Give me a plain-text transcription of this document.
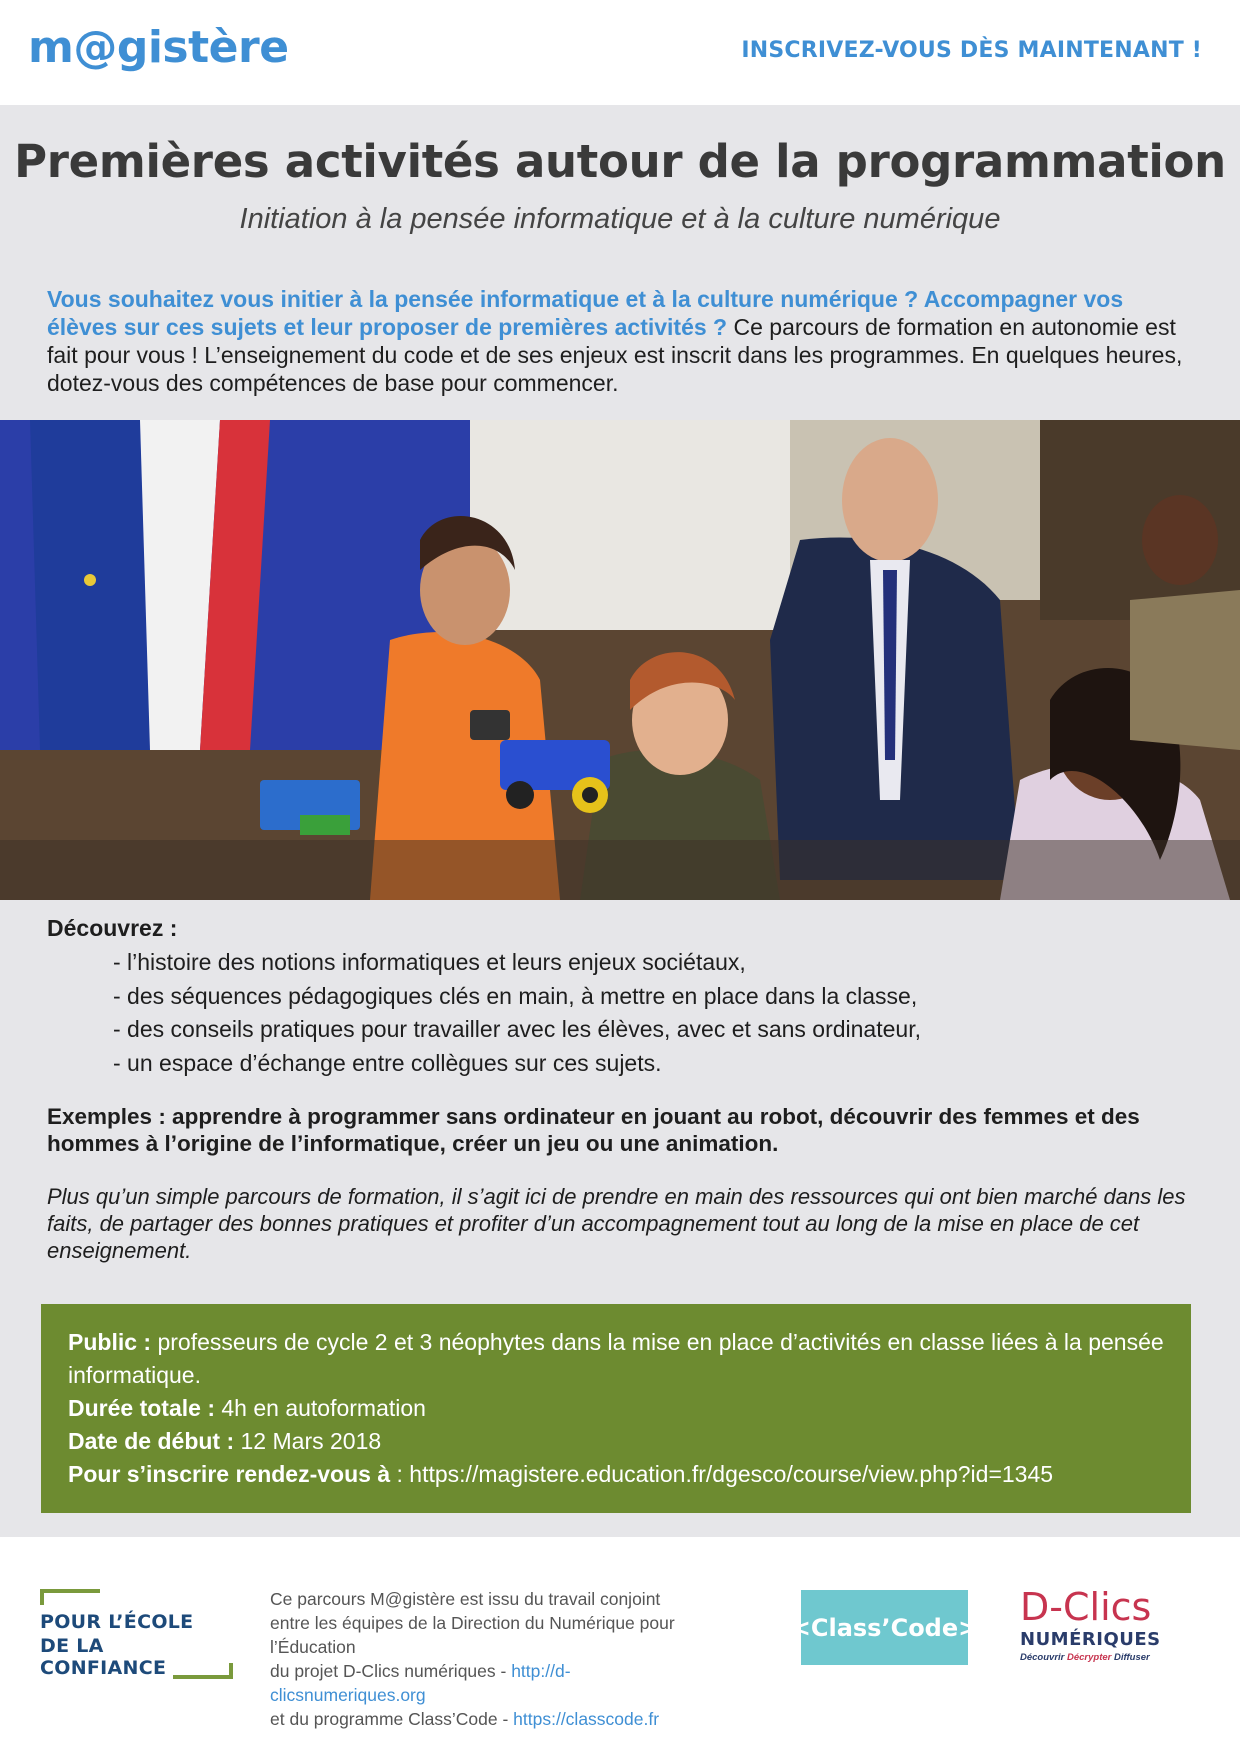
m@gistère	INSCRIVEZ-VOUS DÈS MAINTENANT !
Premières activités autour de la programmation
Initiation à la pensée informatique et à la culture numérique

Vous souhaitez vous initier à la pensée informatique et à la culture numérique ? Accompagner vos élèves sur ces sujets et leur proposer de premières activités ? Ce parcours de formation en autonomie est fait pour vous ! L’enseignement du code et de ses enjeux est inscrit dans les programmes. En quelques heures, dotez-vous des compétences de base pour commencer.

Découvrez :
- l’histoire des notions informatiques et leurs enjeux sociétaux,
- des séquences pédagogiques clés en main, à mettre en place dans la classe,
- des conseils pratiques pour travailler avec les élèves, avec et sans ordinateur,
- un espace d’échange entre collègues sur ces sujets.

Exemples : apprendre à programmer sans ordinateur en jouant au robot, découvrir des femmes et des hommes à l’origine de l’informatique, créer un jeu ou une animation.

Plus qu’un simple parcours de formation, il s’agit ici de prendre en main des ressources qui ont bien marché dans les faits, de partager des bonnes pratiques et profiter d’un accompagnement tout au long de la mise en place de cet enseignement.

Public : professeurs de cycle 2 et 3 néophytes dans la mise en place d’activités en classe liées à la pensée informatique.
Durée totale : 4h en autoformation
Date de début : 12 Mars 2018
Pour s’inscrire rendez-vous à : https://magistere.education.fr/dgesco/course/view.php?id=1345
POUR L’ÉCOLE
DE LA CONFIANCE
Ce parcours M@gistère est issu du travail conjoint
entre les équipes de la Direction du Numérique pour l’Éducation
du projet D-Clics numériques - http://d-clicsnumeriques.org
et du programme Class’Code - https://classcode.fr
<Class’Code> D-Clics
NUMÉRIQUES
Découvrir Décrypter Diffuser
